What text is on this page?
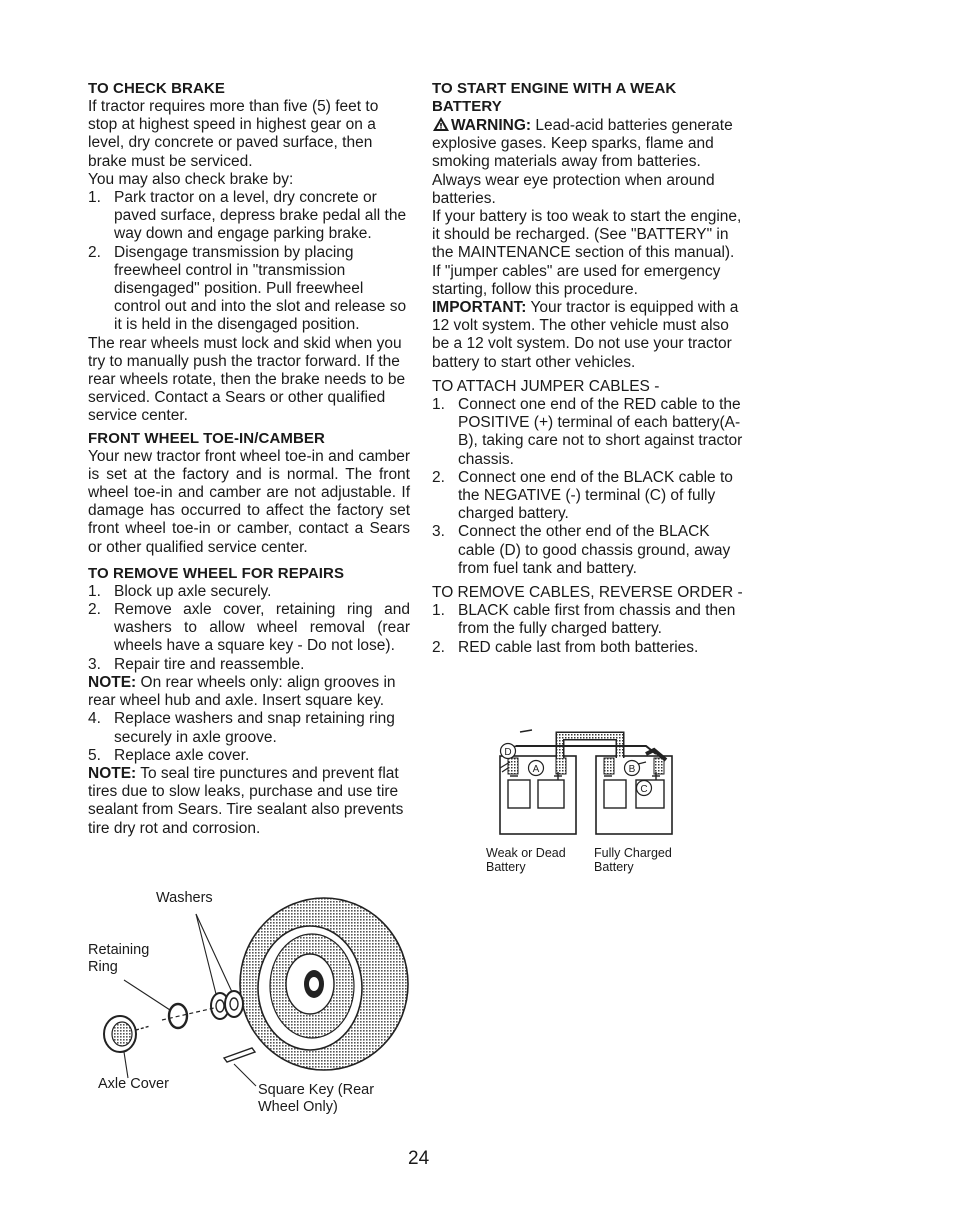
TO CHECK BRAKE

If tractor requires more than five (5) feet to stop at highest speed in highest gear on a level, dry concrete or paved surface, then brake must be serviced.

You may also check brake by:

1. Park tractor on a level, dry concrete or paved surface, depress brake pedal all the way down and engage parking brake.
2. Disengage transmission by placing freewheel control in "transmission disengaged" position. Pull freewheel control out and into the slot and release so it is held in the disengaged position.

The rear wheels must lock and skid when you try to manually push the tractor forward. If the rear wheels rotate, then the brake needs to be serviced. Contact a Sears or other qualified service center.

FRONT WHEEL TOE-IN/CAMBER

Your new tractor front wheel toe-in and camber is set at the factory and is normal. The front wheel toe-in and camber are not adjustable. If damage has occurred to affect the factory set front wheel toe-in or camber, contact a Sears or other qualified service center.

TO REMOVE WHEEL FOR REPAIRS
1. Block up axle securely.
2. Remove axle cover, retaining ring and washers to allow wheel removal (rear wheels have a square key - Do not lose).
3. Repair tire and reassemble.

NOTE: On rear wheels only: align grooves in rear wheel hub and axle. Insert square key.

4. Replace washers and snap retaining ring securely in axle groove.
5. Replace axle cover.

NOTE: To seal tire punctures and prevent flat tires due to slow leaks, purchase and use tire sealant from Sears. Tire sealant also prevents tire dry rot and corrosion.

TO START ENGINE WITH A WEAK BATTERY

WARNING: Lead-acid batteries generate explosive gases. Keep sparks, flame and smoking materials away from batteries. Always wear eye protection when around batteries.

If your battery is too weak to start the engine, it should be recharged. (See "BATTERY" in the MAINTENANCE section of this manual).

If "jumper cables" are used for emergency starting, follow this procedure.

IMPORTANT: Your tractor is equipped with a 12 volt system. The other vehicle must also be a 12 volt system. Do not use your tractor battery to start other vehicles.

TO ATTACH JUMPER CABLES -

1. Connect one end of the RED cable to the POSITIVE (+) terminal of each battery(A-B), taking care not to short against tractor chassis.
2. Connect one end of the BLACK cable to the NEGATIVE (-) terminal (C) of fully charged battery.
3. Connect the other end of the BLACK cable (D) to good chassis ground, away from fuel tank and battery.

TO REMOVE CABLES, REVERSE ORDER -

1. BLACK cable first from chassis and then from the fully charged battery.
2. RED cable last from both batteries.
D
A	B
C
Weak or Dead
Battery
Fully Charged
Battery
Washers
Retaining
Ring
Axle Cover	Square Key (Rear
Wheel Only)
24
